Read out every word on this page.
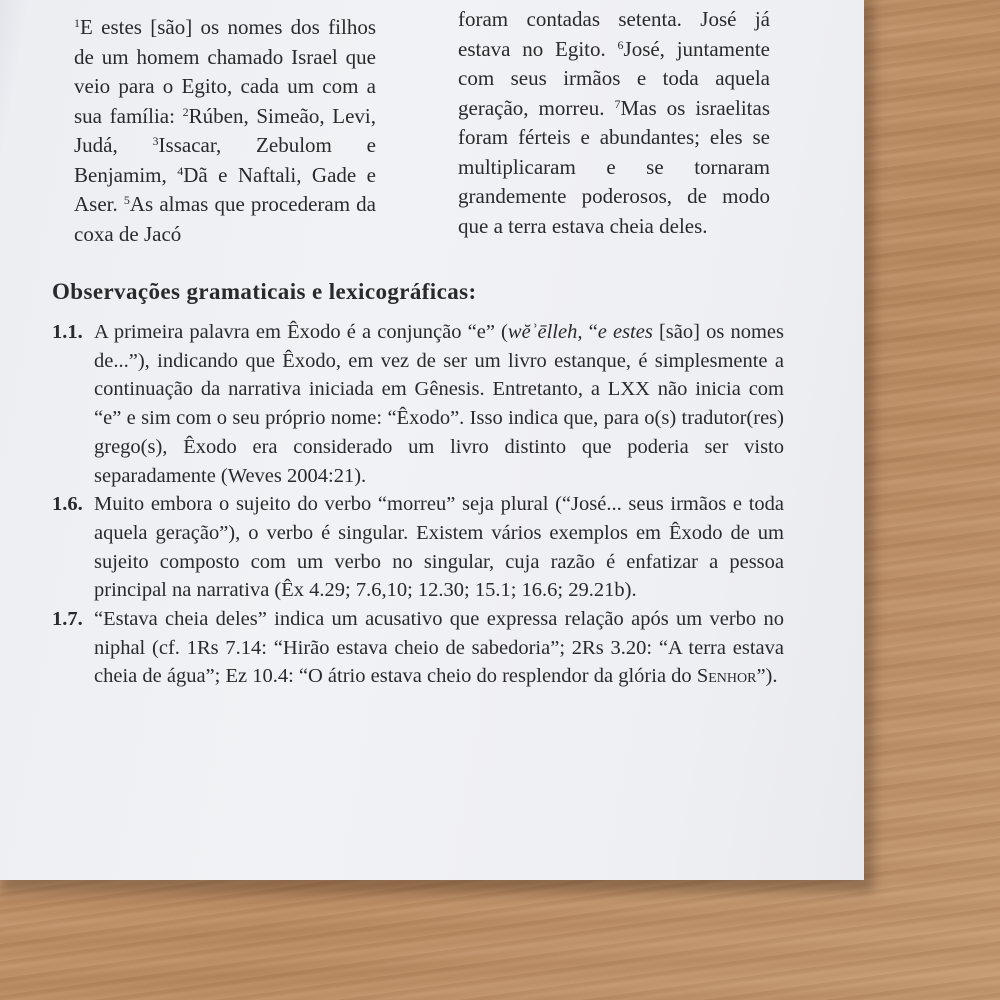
$^1$E estes [são] os nomes dos filhos de um homem chamado Israel que veio para o Egito, cada um com a sua família: $^2$Rúben, Simeão, Levi, Judá, $^3$Issacar, Zebulom e Benjamim, $^4$Dã e Naftali, Gade e Aser. $^5$As almas que procederam da coxa de Jacó

foram contadas setenta. José já estava no Egito. $^6$José, juntamente com seus irmãos e toda aquela geração, morreu. $^7$Mas os israelitas foram férteis e abundantes; eles se multiplicaram e se tornaram grandemente poderosos, de modo que a terra estava cheia deles.

Observações gramaticais e lexicográficas:
1.1. A primeira palavra em Êxodo é a conjunção “e” (wĕʾēlleh, “e estes [são] os nomes de...”), indicando que Êxodo, em vez de ser um livro estanque, é simplesmente a continuação da narrativa iniciada em Gênesis. Entretanto, a LXX não inicia com “e” e sim com o seu próprio nome: “Êxodo”. Isso indica que, para o(s) tradutor(res) grego(s), Êxodo era considerado um livro distinto que poderia ser visto separadamente (Weves 2004:21).
1.6. Muito embora o sujeito do verbo “morreu” seja plural (“José... seus irmãos e toda aquela geração”), o verbo é singular. Existem vários exemplos em Êxodo de um sujeito composto com um verbo no singular, cuja razão é enfatizar a pessoa principal na narrativa (Êx 4.29; 7.6,10; 12.30; 15.1; 16.6; 29.21b).
1.7. “Estava cheia deles” indica um acusativo que expressa relação após um verbo no niphal (cf. 1Rs 7.14: “Hirão estava cheio de sabedoria”; 2Rs 3.20: “A terra estava cheia de água”; Ez 10.4: “O átrio estava cheio do resplendor da glória do Senhor”).
